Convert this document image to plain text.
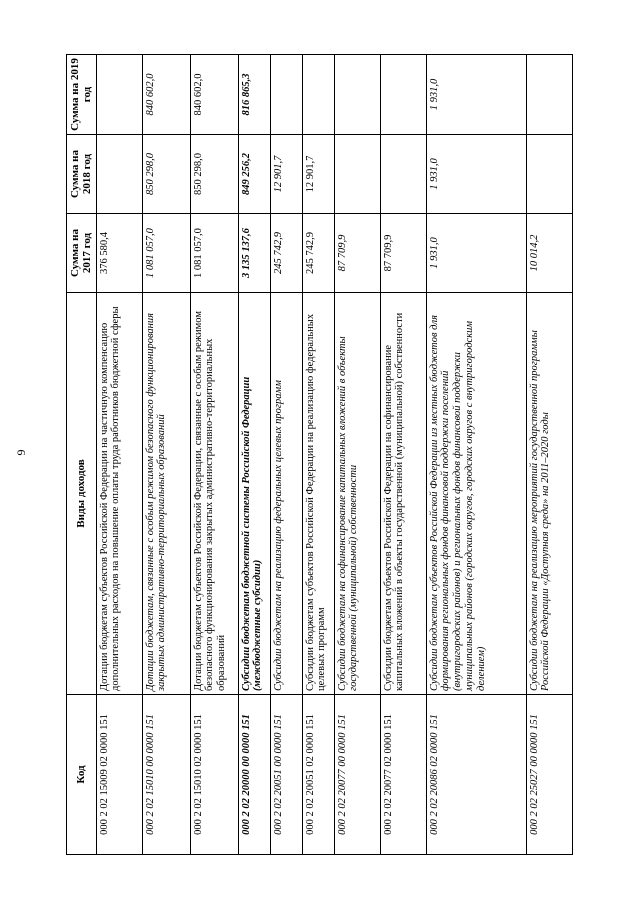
9
Код	Виды доходов	Сумма на 2017 год	Сумма на 2018 год	Сумма на 2019 год
000 2 02 15009 02 0000 151	Дотации бюджетам субъектов Российской Федерации на частичную компенсацию дополнительных расходов на повышение оплаты труда работников бюджетной сферы	376 580,4		
000 2 02 15010 00 0000 151	Дотации бюджетам, связанные с особым режимом безопасного функционирования закрытых административно-территориальных образований	1 081 057,0	850 298,0	840 602,0
000 2 02 15010 02 0000 151	Дотации бюджетам субъектов Российской Федерации, связанные с особым режимом безопасного функционирования закрытых административно-территориальных образований	1 081 057,0	850 298,0	840 602,0
000 2 02 20000 00 0000 151	Субсидии бюджетам бюджетной системы Российской Федерации (межбюджетные субсидии)	3 135 137,6	849 256,2	816 865,3
000 2 02 20051 00 0000 151	Субсидии бюджетам на реализацию федеральных целевых программ	245 742,9	12 901,7	
000 2 02 20051 02 0000 151	Субсидии бюджетам субъектов Российской Федерации на реализацию федеральных целевых программ	245 742,9	12 901,7	
000 2 02 20077 00 0000 151	Субсидии бюджетам на софинансирование капитальных вложений в объекты государственной (муниципальной) собственности	87 709,9		
000 2 02 20077 02 0000 151	Субсидии бюджетам субъектов Российской Федерации на софинансирование капитальных вложений в объекты государственной (муниципальной) собственности	87 709,9		
000 2 02 20086 02 0000 151	Субсидии бюджетам субъектов Российской Федерации из местных бюджетов для формирования региональных фондов финансовой поддержки поселений (внутригородских районов) и региональных фондов финансовой поддержки муниципальных районов (городских округов, городских округов с внутригородским делением)	1 931,0	1 931,0	1 931,0
000 2 02 25027 00 0000 151	Субсидии бюджетам на реализацию мероприятий государственной программы Российской Федерации «Доступная среда» на 2011–2020 годы	10 014,2		
